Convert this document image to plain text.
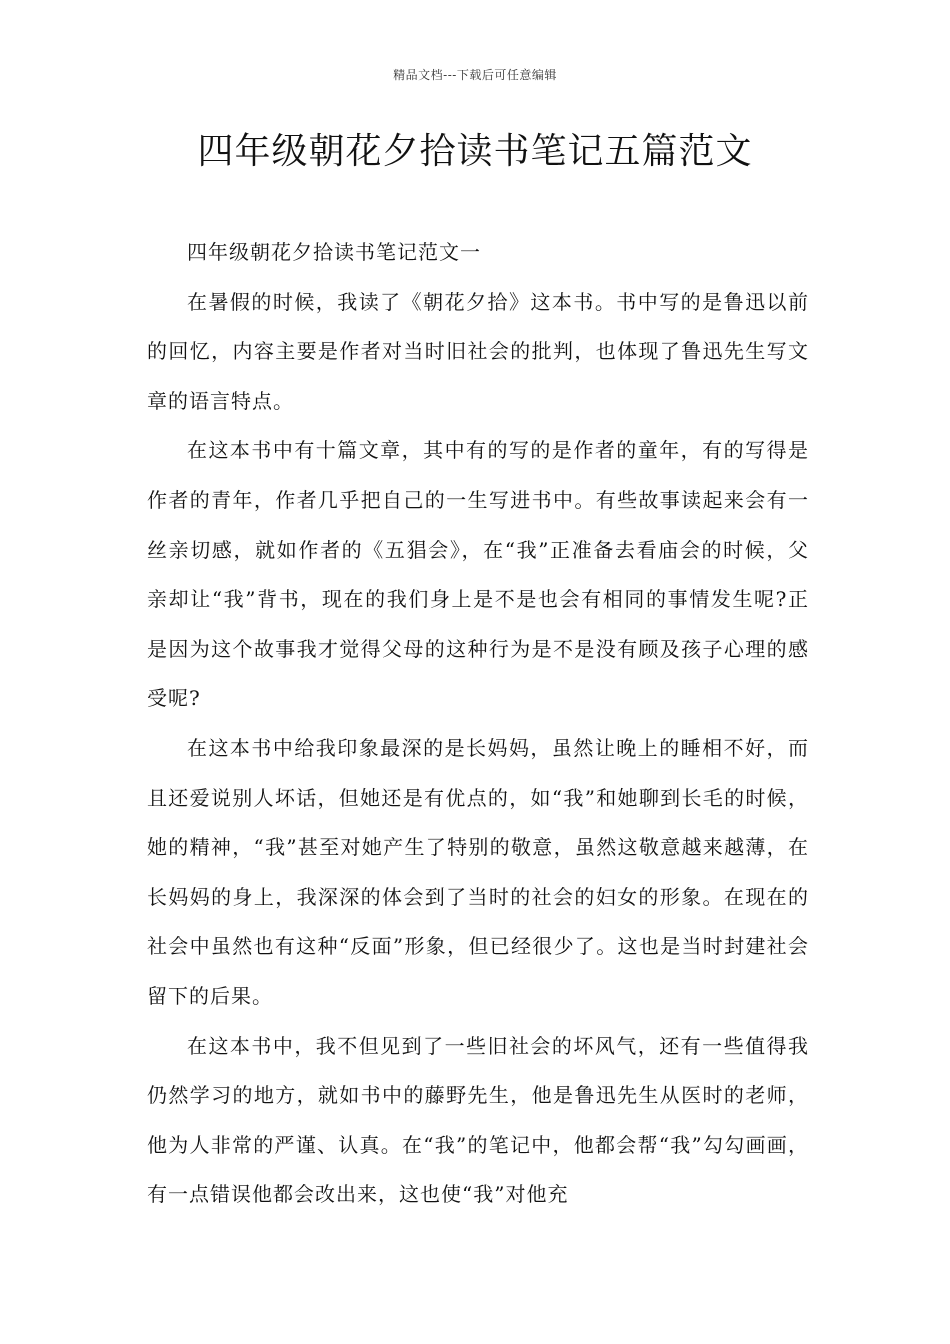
精品文档---下载后可任意编辑
四年级朝花夕拾读书笔记五篇范文

四年级朝花夕拾读书笔记范文一

在暑假的时候，我读了《朝花夕拾》这本书。书中写的是鲁迅以前的回忆，内容主要是作者对当时旧社会的批判，也体现了鲁迅先生写文章的语言特点。

在这本书中有十篇文章，其中有的写的是作者的童年，有的写得是作者的青年，作者几乎把自己的一生写进书中。有些故事读起来会有一丝亲切感，就如作者的《五猖会》，在“我”正准备去看庙会的时候，父亲却让“我”背书，现在的我们身上是不是也会有相同的事情发生呢?正是因为这个故事我才觉得父母的这种行为是不是没有顾及孩子心理的感受呢?

在这本书中给我印象最深的是长妈妈，虽然让晚上的睡相不好，而且还爱说别人坏话，但她还是有优点的，如“我”和她聊到长毛的时候，她的精神，“我”甚至对她产生了特别的敬意，虽然这敬意越来越薄，在长妈妈的身上，我深深的体会到了当时的社会的妇女的形象。在现在的社会中虽然也有这种“反面”形象，但已经很少了。这也是当时封建社会留下的后果。

在这本书中，我不但见到了一些旧社会的坏风气，还有一些值得我仍然学习的地方，就如书中的藤野先生，他是鲁迅先生从医时的老师，他为人非常的严谨、认真。在“我”的笔记中，他都会帮“我”勾勾画画，有一点错误他都会改出来，这也使“我”对他充
